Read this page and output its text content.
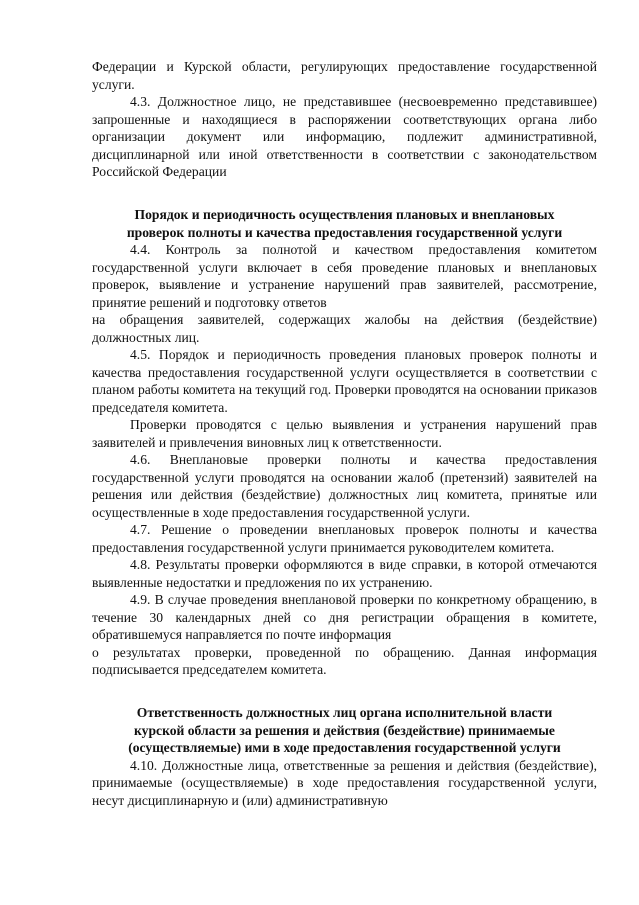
Федерации и Курской области, регулирующих предоставление государственной услуги.

4.3. Должностное лицо, не представившее (несвоевременно представившее) запрошенные и находящиеся в распоряжении соответствующих органа либо организации документ или информацию, подлежит административной, дисциплинарной или иной ответственности в соответствии с законодательством Российской Федерации

Порядок и периодичность осуществления плановых и внеплановых
проверок полноты и качества предоставления государственной услуги

4.4. Контроль за полнотой и качеством предоставления комитетом государственной услуги включает в себя проведение плановых и внеплановых проверок, выявление и устранение нарушений прав заявителей, рассмотрение, принятие решений и подготовку ответов

на обращения заявителей, содержащих жалобы на действия (бездействие) должностных лиц.

4.5. Порядок и периодичность проведения плановых проверок полноты и качества предоставления государственной услуги осуществляется в соответствии с планом работы комитета на текущий год. Проверки проводятся на основании приказов председателя комитета.

Проверки проводятся с целью выявления и устранения нарушений прав заявителей и привлечения виновных лиц к ответственности.

4.6. Внеплановые проверки полноты и качества предоставления государственной услуги проводятся на основании жалоб (претензий) заявителей на решения или действия (бездействие) должностных лиц комитета, принятые или осуществленные в ходе предоставления государственной услуги.

4.7. Решение о проведении внеплановых проверок полноты и качества предоставления государственной услуги принимается руководителем комитета.

4.8. Результаты проверки оформляются в виде справки, в которой отмечаются выявленные недостатки и предложения по их устранению.

4.9. В случае проведения внеплановой проверки по конкретному обращению, в течение 30 календарных дней со дня регистрации обращения в комитете, обратившемуся направляется по почте информация

о результатах проверки, проведенной по обращению. Данная информация подписывается председателем комитета.

Ответственность должностных лиц органа исполнительной власти
курской области за решения и действия (бездействие) принимаемые
(осуществляемые) ими в ходе предоставления государственной услуги

4.10. Должностные лица, ответственные за решения и действия (бездействие), принимаемые (осуществляемые) в ходе предоставления государственной услуги, несут дисциплинарную и (или) административную
